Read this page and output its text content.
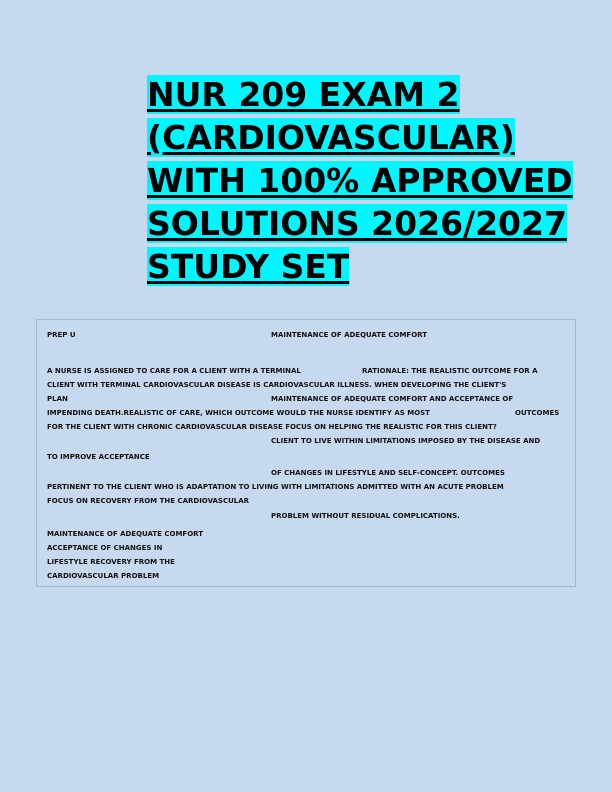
NUR 209 EXAM 2 (CARDIOVASCULAR) WITH 100% APPROVED SOLUTIONS 2026/2027 STUDY SET
PREP U	MAINTENANCE OF ADEQUATE COMFORT
A NURSE IS ASSIGNED TO CARE FOR A CLIENT WITH A TERMINAL	RATIONALE: THE REALISTIC OUTCOME FOR A
CLIENT WITH TERMINAL CARDIOVASCULAR DISEASE IS CARDIOVASCULAR ILLNESS. WHEN DEVELOPING THE CLIENT'S
PLAN	MAINTENANCE OF ADEQUATE COMFORT AND ACCEPTANCE OF
IMPENDING DEATH.REALISTIC OF CARE, WHICH OUTCOME WOULD THE NURSE IDENTIFY AS MOST	OUTCOMES
FOR THE CLIENT WITH CHRONIC CARDIOVASCULAR DISEASE FOCUS ON HELPING THE REALISTIC FOR THIS CLIENT?
CLIENT TO LIVE WITHIN LIMITATIONS IMPOSED BY THE DISEASE AND
TO IMPROVE ACCEPTANCE
OF CHANGES IN LIFESTYLE AND SELF-CONCEPT. OUTCOMES
PERTINENT TO THE CLIENT WHO IS ADAPTATION TO LIVING WITH LIMITATIONS ADMITTED WITH AN ACUTE PROBLEM
FOCUS ON RECOVERY FROM THE CARDIOVASCULAR
PROBLEM WITHOUT RESIDUAL COMPLICATIONS.
MAINTENANCE OF ADEQUATE COMFORT
ACCEPTANCE OF CHANGES IN
LIFESTYLE RECOVERY FROM THE
CARDIOVASCULAR PROBLEM
